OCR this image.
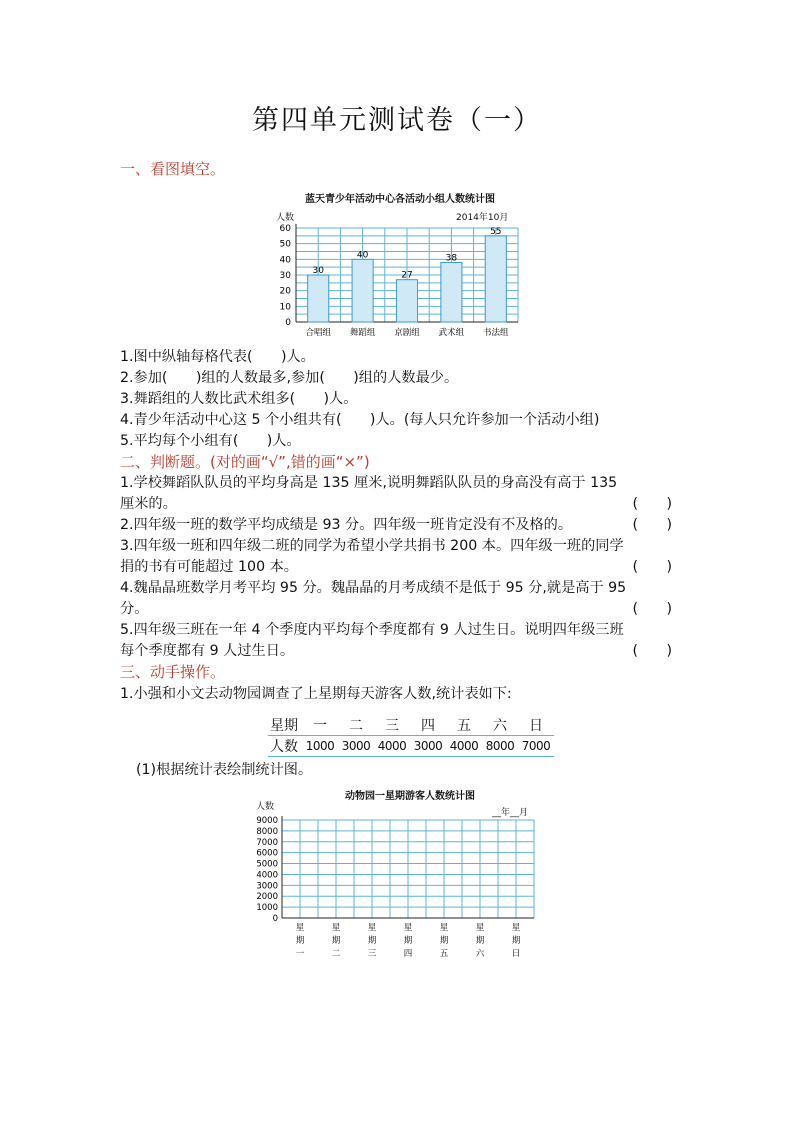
第四单元测试卷（一）
一、看图填空。
蓝天青少年活动中心各活动小组人数统计图
人数	2014年10月
0
10
20
30
40
50
60
30
合唱组
40
舞蹈组
27
京剧组
38
武术组
55
书法组
1.图中纵轴每格代表(　　)人。
2.参加(　　)组的人数最多,参加(　　)组的人数最少。
3.舞蹈组的人数比武术组多(　　)人。
4.青少年活动中心这 5 个小组共有(　　)人。(每人只允许参加一个活动小组)
5.平均每个小组有(　　)人。
二、判断题。(对的画“√”,错的画“×”)
1.学校舞蹈队队员的平均身高是 135 厘米,说明舞蹈队队员的身高没有高于 135
厘米的。	(　　)
2.四年级一班的数学平均成绩是 93 分。四年级一班肯定没有不及格的。	(　　)
3.四年级一班和四年级二班的同学为希望小学共捐书 200 本。四年级一班的同学
捐的书有可能超过 100 本。	(　　)
4.魏晶晶班数学月考平均 95 分。魏晶晶的月考成绩不是低于 95 分,就是高于 95
分。	(　　)
5.四年级三班在一年 4 个季度内平均每个季度都有 9 人过生日。说明四年级三班
每个季度都有 9 人过生日。	(　　)
三、动手操作。
1.小强和小文去动物园调查了上星期每天游客人数,统计表如下:
星期	一	二	三	四	五	六	日
人数	1000	3000	4000	3000	4000	8000	7000
(1)根据统计表绘制统计图。
动物园一星期游客人数统计图
人数
__年__月
0
1000
2000
3000
4000
5000
6000
7000
8000
9000
星期一
星期二
星期三
星期四
星期五
星期六
星期日
